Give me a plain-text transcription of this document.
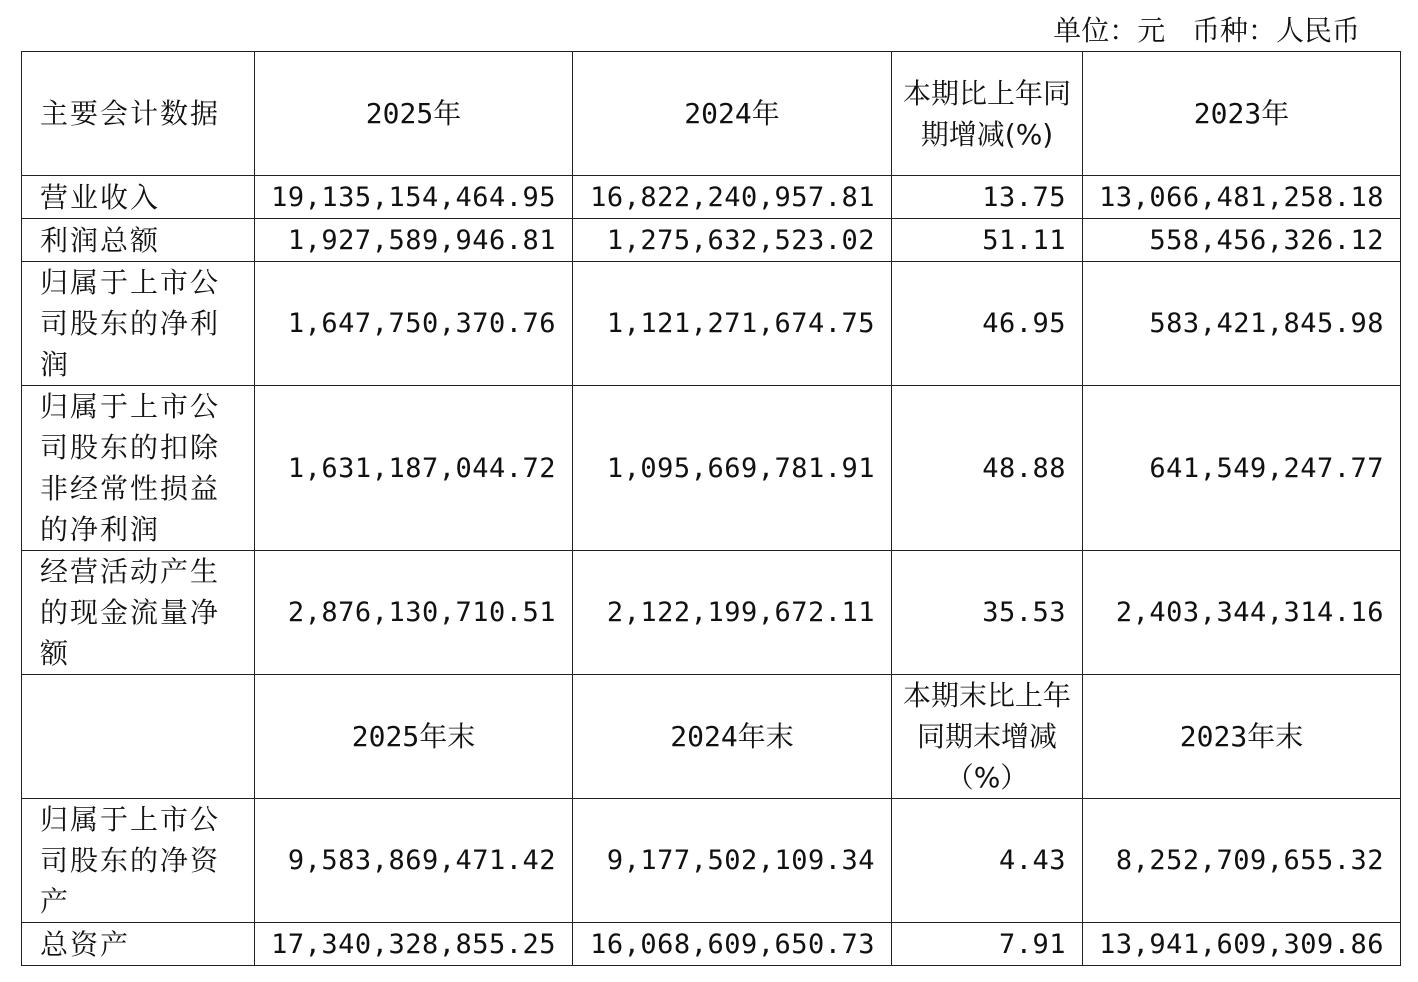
单位：元   币种：人民币
主要会计数据	2025年	2024年	本期比上年同期增减(%)	2023年
营业收入	19,135,154,464.95	16,822,240,957.81	13.75	13,066,481,258.18
利润总额	1,927,589,946.81	1,275,632,523.02	51.11	558,456,326.12
归属于上市公司股东的净利润	1,647,750,370.76	1,121,271,674.75	46.95	583,421,845.98
归属于上市公司股东的扣除非经常性损益的净利润	1,631,187,044.72	1,095,669,781.91	48.88	641,549,247.77
经营活动产生的现金流量净额	2,876,130,710.51	2,122,199,672.11	35.53	2,403,344,314.16
	2025年末	2024年末	本期末比上年同期末增减（%）	2023年末
归属于上市公司股东的净资产	9,583,869,471.42	9,177,502,109.34	4.43	8,252,709,655.32
总资产	17,340,328,855.25	16,068,609,650.73	7.91	13,941,609,309.86
